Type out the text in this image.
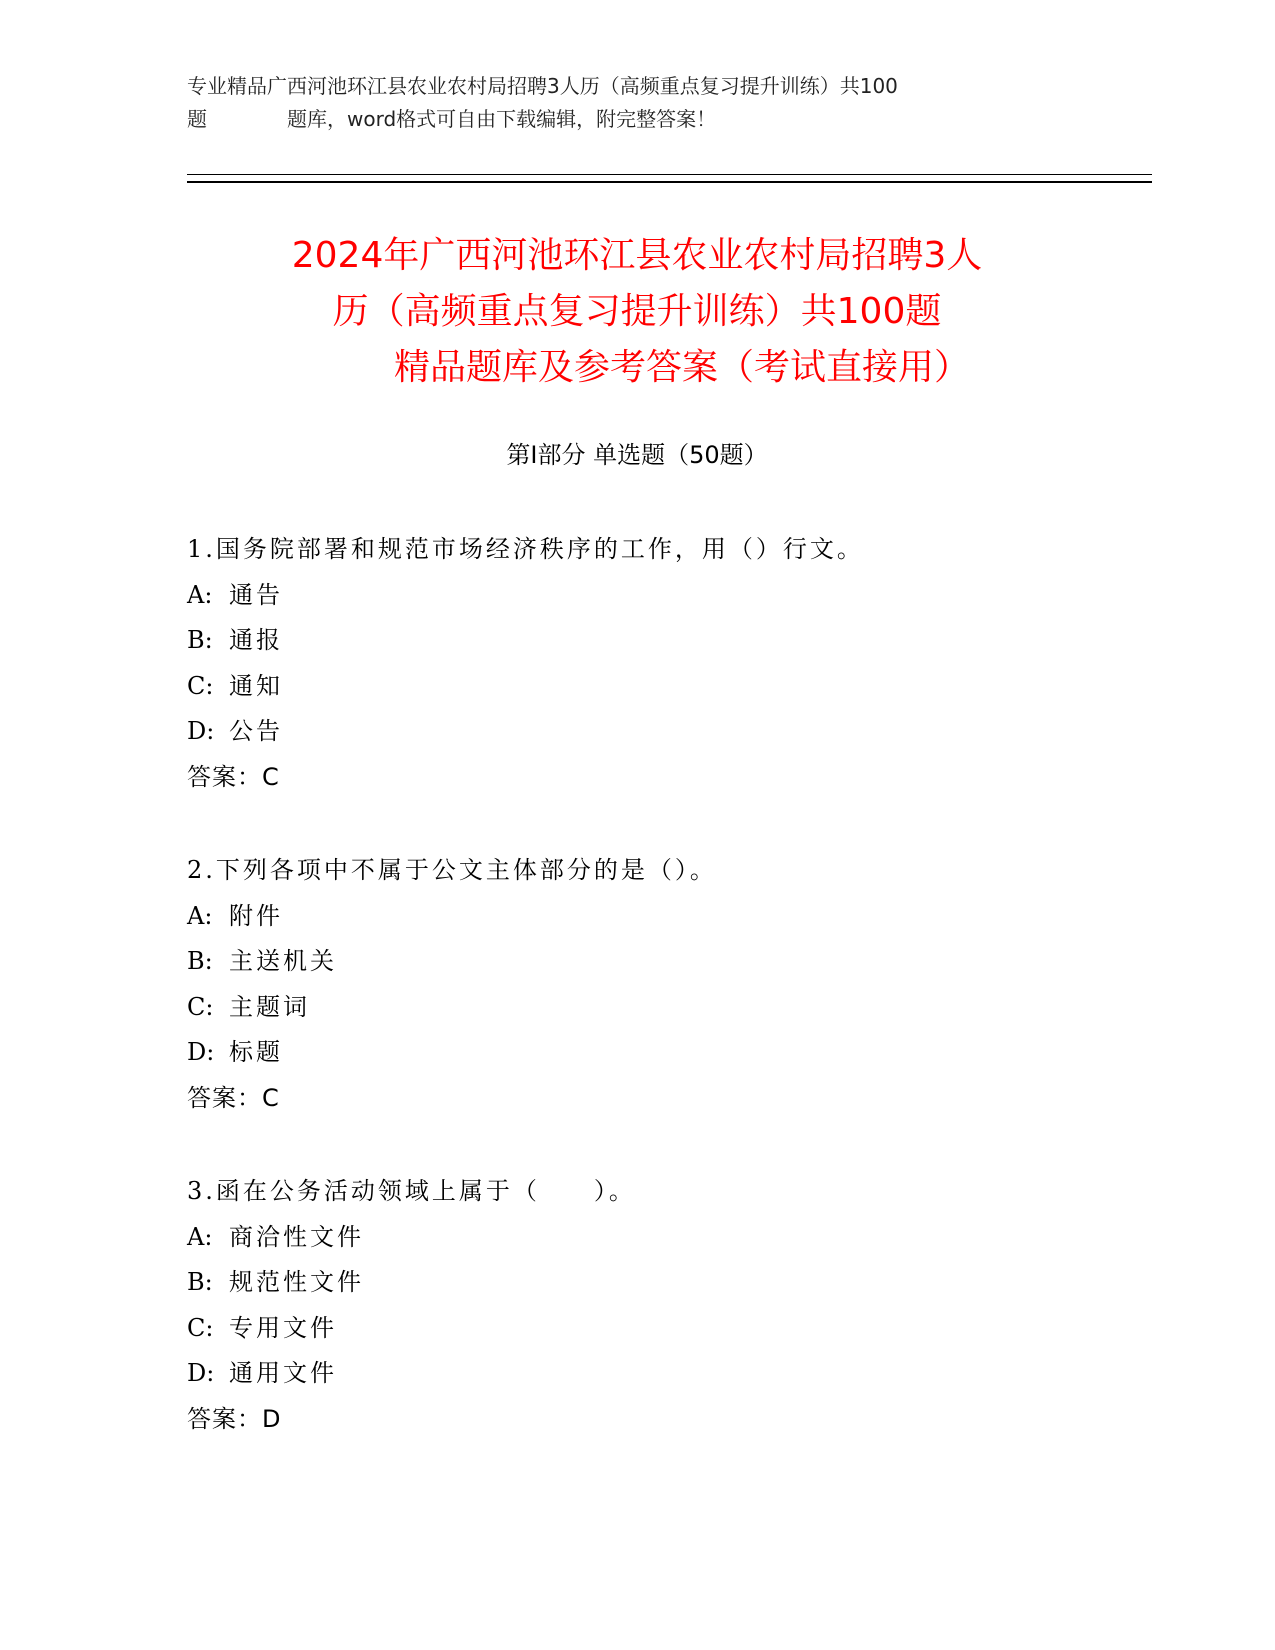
专业精品广西河池环江县农业农村局招聘3人历（高频重点复习提升训练）共100
题	题库，word格式可自由下载编辑，附完整答案！
2024年广西河池环江县农业农村局招聘3人
历（高频重点复习提升训练）共100题
精品题库及参考答案（考试直接用）
第Ⅰ部分 单选题（50题）
1.国务院部署和规范市场经济秩序的工作，用（）行文。
A: 通告
B: 通报
C: 通知
D: 公告
答案：C
2.下列各项中不属于公文主体部分的是（）。
A: 附件
B: 主送机关
C: 主题词
D: 标题
答案：C
3.函在公务活动领域上属于（　　）。
A: 商洽性文件
B: 规范性文件
C: 专用文件
D: 通用文件
答案：D
